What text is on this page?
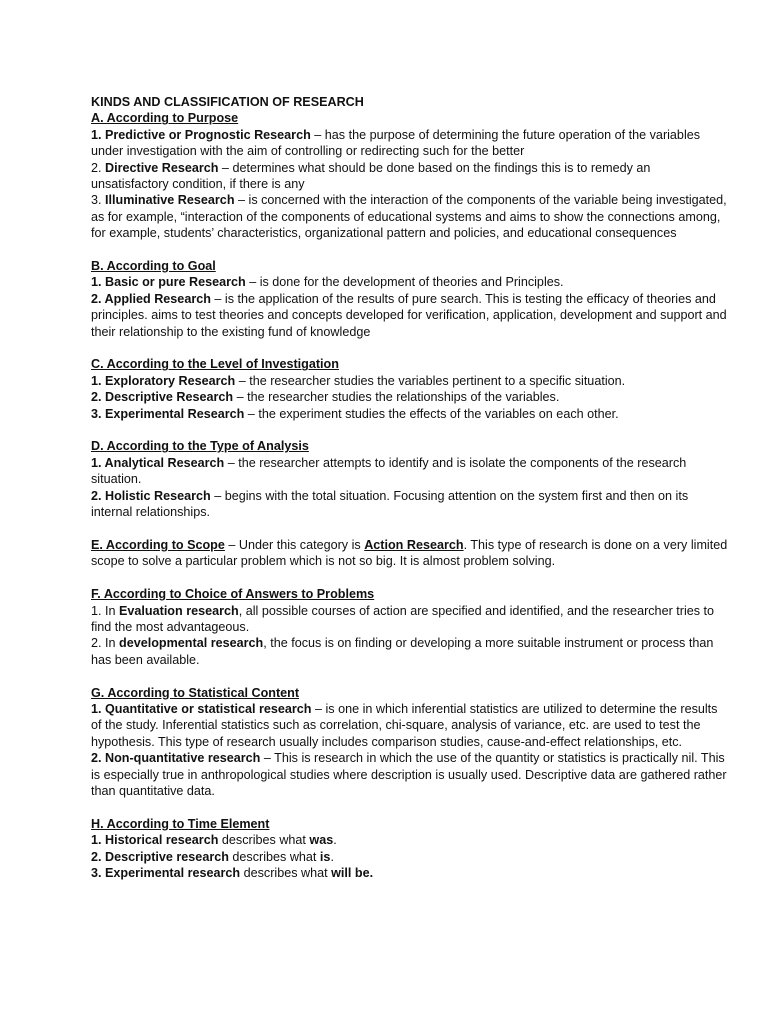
KINDS AND CLASSIFICATION OF RESEARCH

A. According to Purpose

1. Predictive or Prognostic Research – has the purpose of determining the future operation of the variables under investigation with the aim of controlling or redirecting such for the better

2. Directive Research – determines what should be done based on the findings this is to remedy an unsatisfactory condition, if there is any

3. Illuminative Research – is concerned with the interaction of the components of the variable being investigated, as for example, “interaction of the components of educational systems and aims to show the connections among, for example, students’ characteristics, organizational pattern and policies, and educational consequences

B. According to Goal

1. Basic or pure Research – is done for the development of theories and Principles.

2. Applied Research – is the application of the results of pure search. This is testing the efficacy of theories and principles. aims to test theories and concepts developed for verification, application, development and support and their relationship to the existing fund of knowledge

C. According to the Level of Investigation

1. Exploratory Research – the researcher studies the variables pertinent to a specific situation.

2. Descriptive Research – the researcher studies the relationships of the variables.

3. Experimental Research – the experiment studies the effects of the variables on each other.

D. According to the Type of Analysis

1. Analytical Research – the researcher attempts to identify and is isolate the components of the research situation.

2. Holistic Research – begins with the total situation. Focusing attention on the system first and then on its internal relationships.

E. According to Scope – Under this category is Action Research. This type of research is done on a very limited scope to solve a particular problem which is not so big. It is almost problem solving.

F. According to Choice of Answers to Problems

1. In Evaluation research, all possible courses of action are specified and identified, and the researcher tries to find the most advantageous.

2. In developmental research, the focus is on finding or developing a more suitable instrument or process than has been available.

G. According to Statistical Content

1. Quantitative or statistical research – is one in which inferential statistics are utilized to determine the results of the study. Inferential statistics such as correlation, chi-square, analysis of variance, etc. are used to test the hypothesis. This type of research usually includes comparison studies, cause-and-effect relationships, etc.

2. Non-quantitative research – This is research in which the use of the quantity or statistics is practically nil. This is especially true in anthropological studies where description is usually used. Descriptive data are gathered rather than quantitative data.

H. According to Time Element

1. Historical research describes what was.

2. Descriptive research describes what is.

3. Experimental research describes what will be.
